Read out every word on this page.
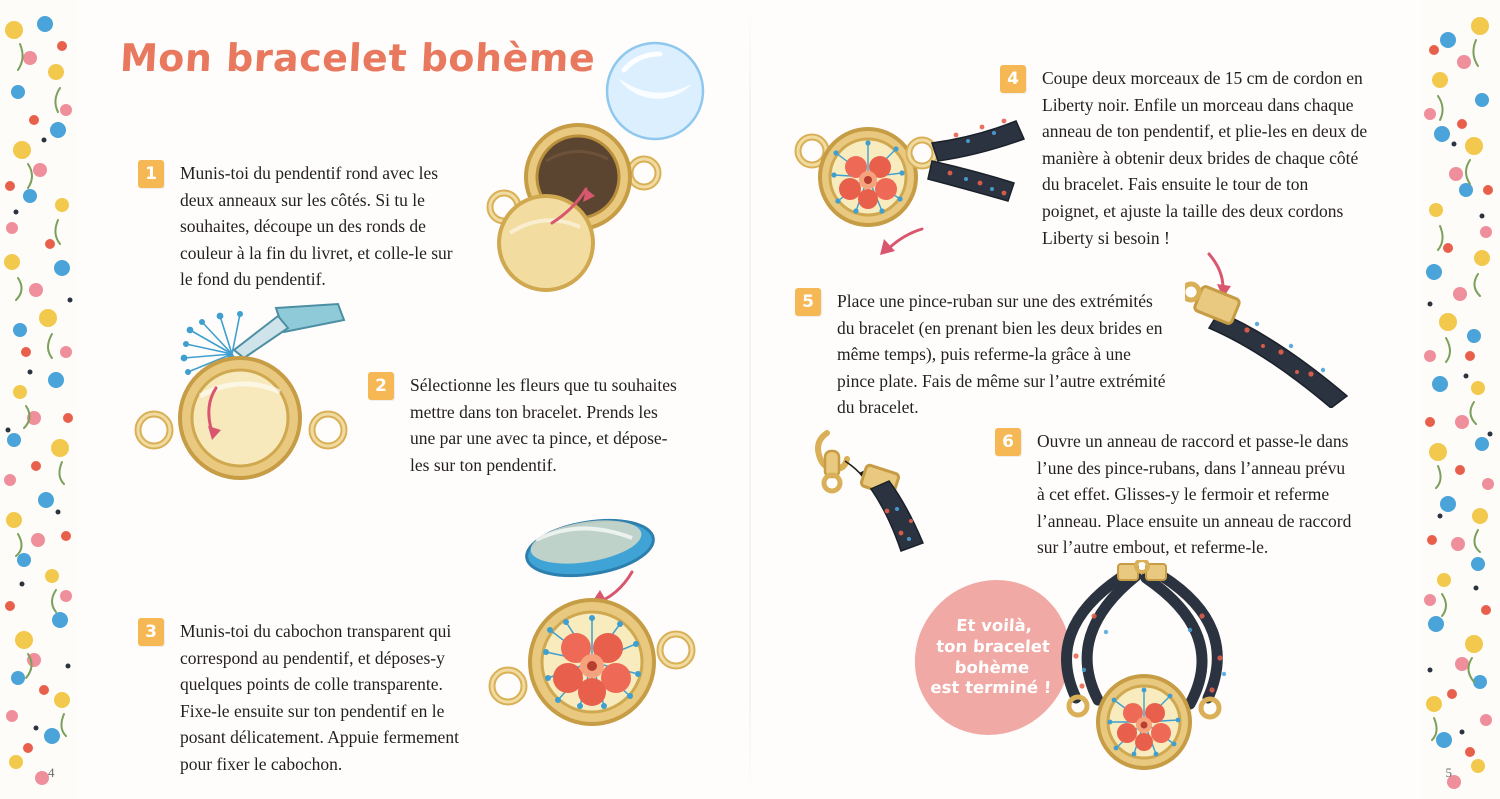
Mon bracelet bohème
1	Munis-toi du pendentif rond avec les deux anneaux sur les côtés. Si tu le souhaites, découpe un des ronds de couleur à la fin du livret, et colle-le sur le fond du pendentif.
2	Sélectionne les fleurs que tu souhaites mettre dans ton bracelet. Prends les une par une avec ta pince, et dépose-les sur ton pendentif.
3	Munis-toi du cabochon transparent qui correspond au pendentif, et déposes-y quelques points de colle transparente. Fixe-le ensuite sur ton pendentif en le posant délicatement. Appuie fermement pour fixer le cabochon.
4	Coupe deux morceaux de 15 cm de cordon en Liberty noir. Enfile un morceau dans chaque anneau de ton pendentif, et plie-les en deux de manière à obtenir deux brides de chaque côté du bracelet. Fais ensuite le tour de ton poignet, et ajuste la taille des deux cordons Liberty si besoin !
5	Place une pince-ruban sur une des extrémités du bracelet (en prenant bien les deux brides en même temps), puis referme-la grâce à une pince plate. Fais de même sur l’autre extrémité du bracelet.
6	Ouvre un anneau de raccord et passe-le dans l’une des pince-rubans, dans l’anneau prévu à cet effet. Glisses-y le fermoir et referme l’anneau. Place ensuite un anneau de raccord sur l’autre embout, et referme-le.
Et voilà,
ton bracelet
bohème
est terminé !
4	5
